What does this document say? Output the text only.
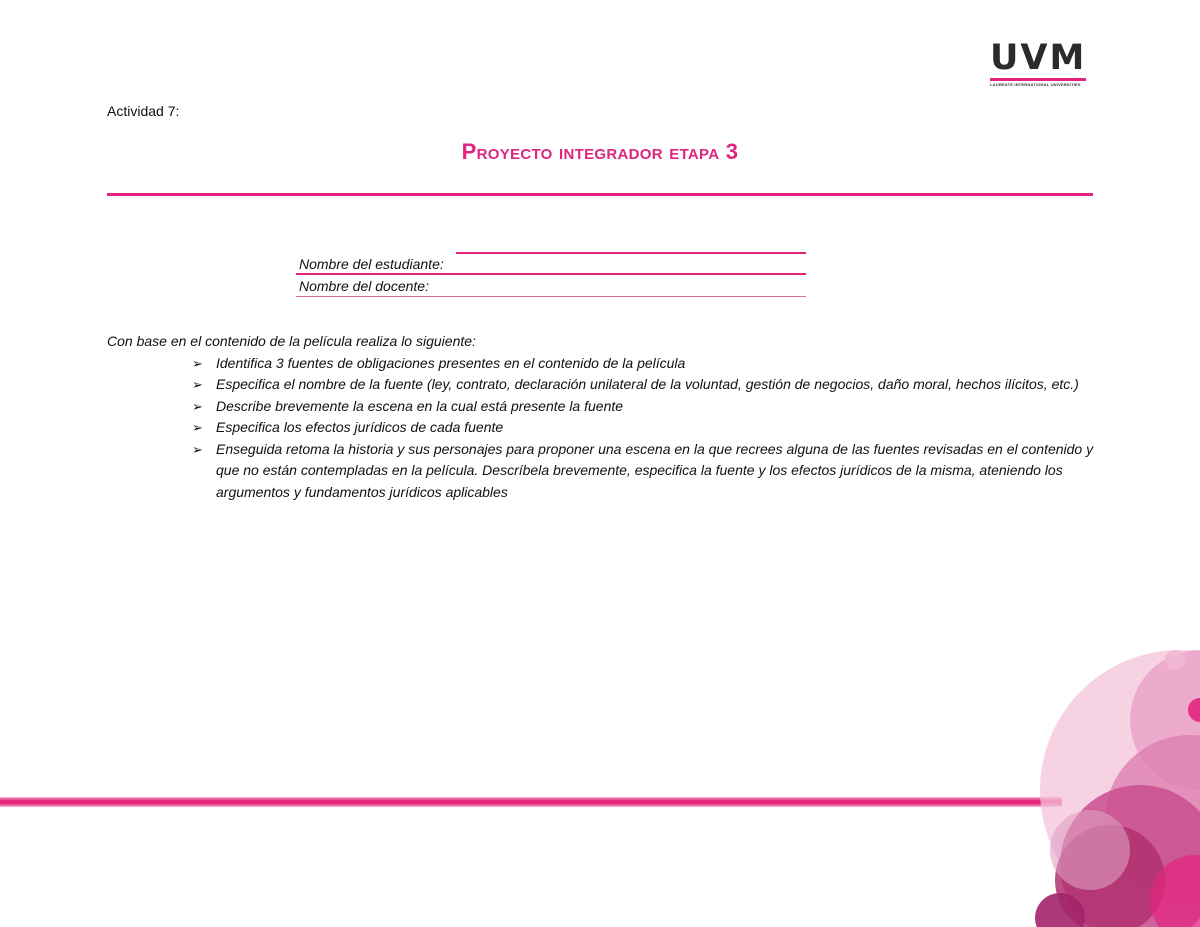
UVM
LAUREATE INTERNATIONAL UNIVERSITIES
Actividad 7:
Proyecto integrador etapa 3
Nombre del estudiante:
Nombre del docente:

Con base en el contenido de la película realiza lo siguiente:

➢ Identifica 3 fuentes de obligaciones presentes en el contenido de la película
➢ Especifica el nombre de la fuente (ley, contrato, declaración unilateral de la voluntad, gestión de negocios, daño moral, hechos ilícitos, etc.)
➢ Describe brevemente la escena en la cual está presente la fuente
➢ Especifica los efectos jurídicos de cada fuente
➢ Enseguida retoma la historia y sus personajes para proponer una escena en la que recrees alguna de las fuentes revisadas en el contenido y que no están contempladas en la película. Descríbela brevemente, especifica la fuente y los efectos jurídicos de la misma, ateniendo los argumentos y fundamentos jurídicos aplicables
